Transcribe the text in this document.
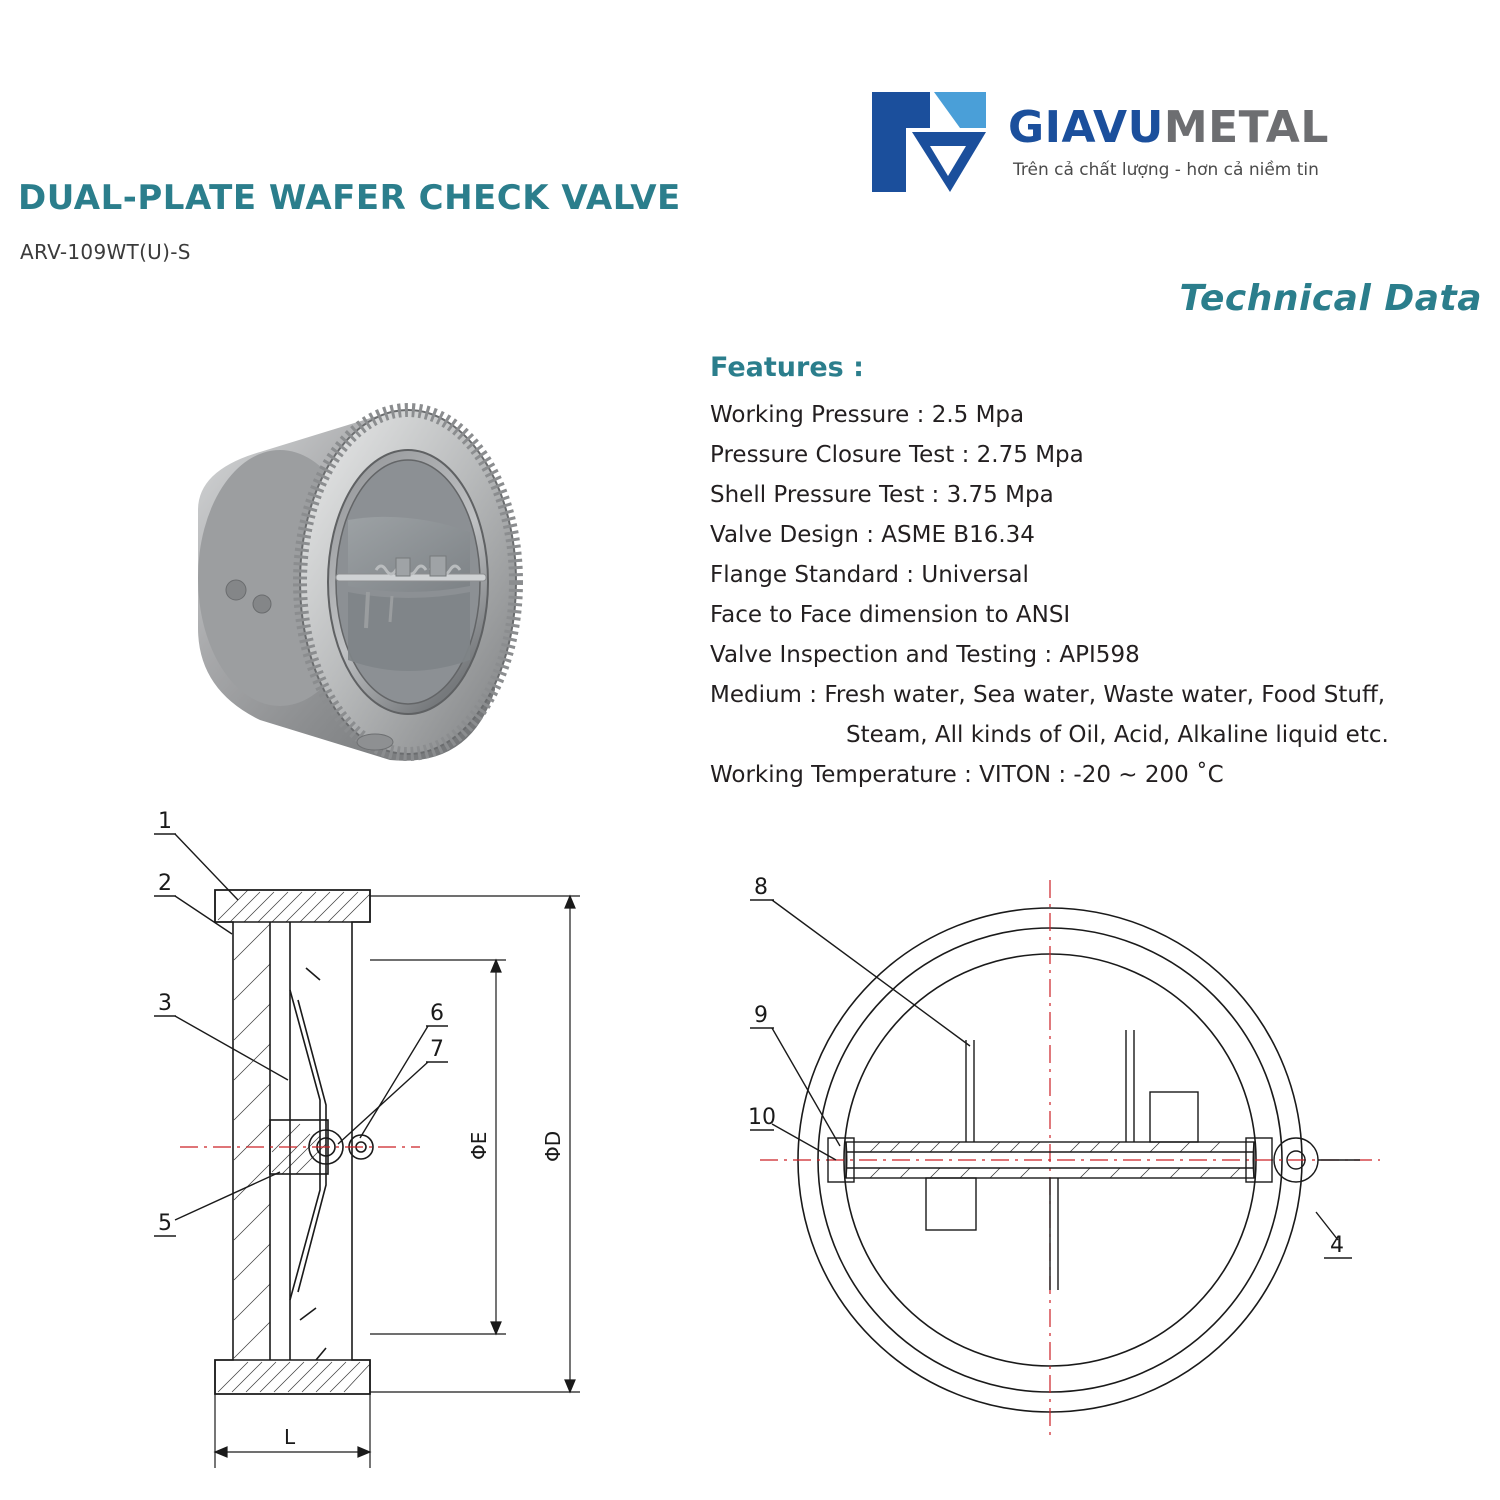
DUAL-PLATE WAFER CHECK VALVE
ARV-109WT(U)-S
GIAVUMETAL
Trên cả chất lượng - hơn cả niềm tin
Technical Data
Features :
Working Pressure : 2.5 Mpa
Pressure Closure Test : 2.75 Mpa
Shell Pressure Test : 3.75 Mpa
Valve Design : ASME B16.34
Flange Standard : Universal
Face to Face dimension to ANSI
Valve Inspection and Testing : API598
Medium : Fresh water, Sea water, Waste water, Food Stuff,
Steam, All kinds of Oil, Acid, Alkaline liquid etc.
Working Temperature : VITON : -20 ~ 200 ˚C
1
2
3
5
6
7
ΦE	ΦD
L
8
9
10
4
